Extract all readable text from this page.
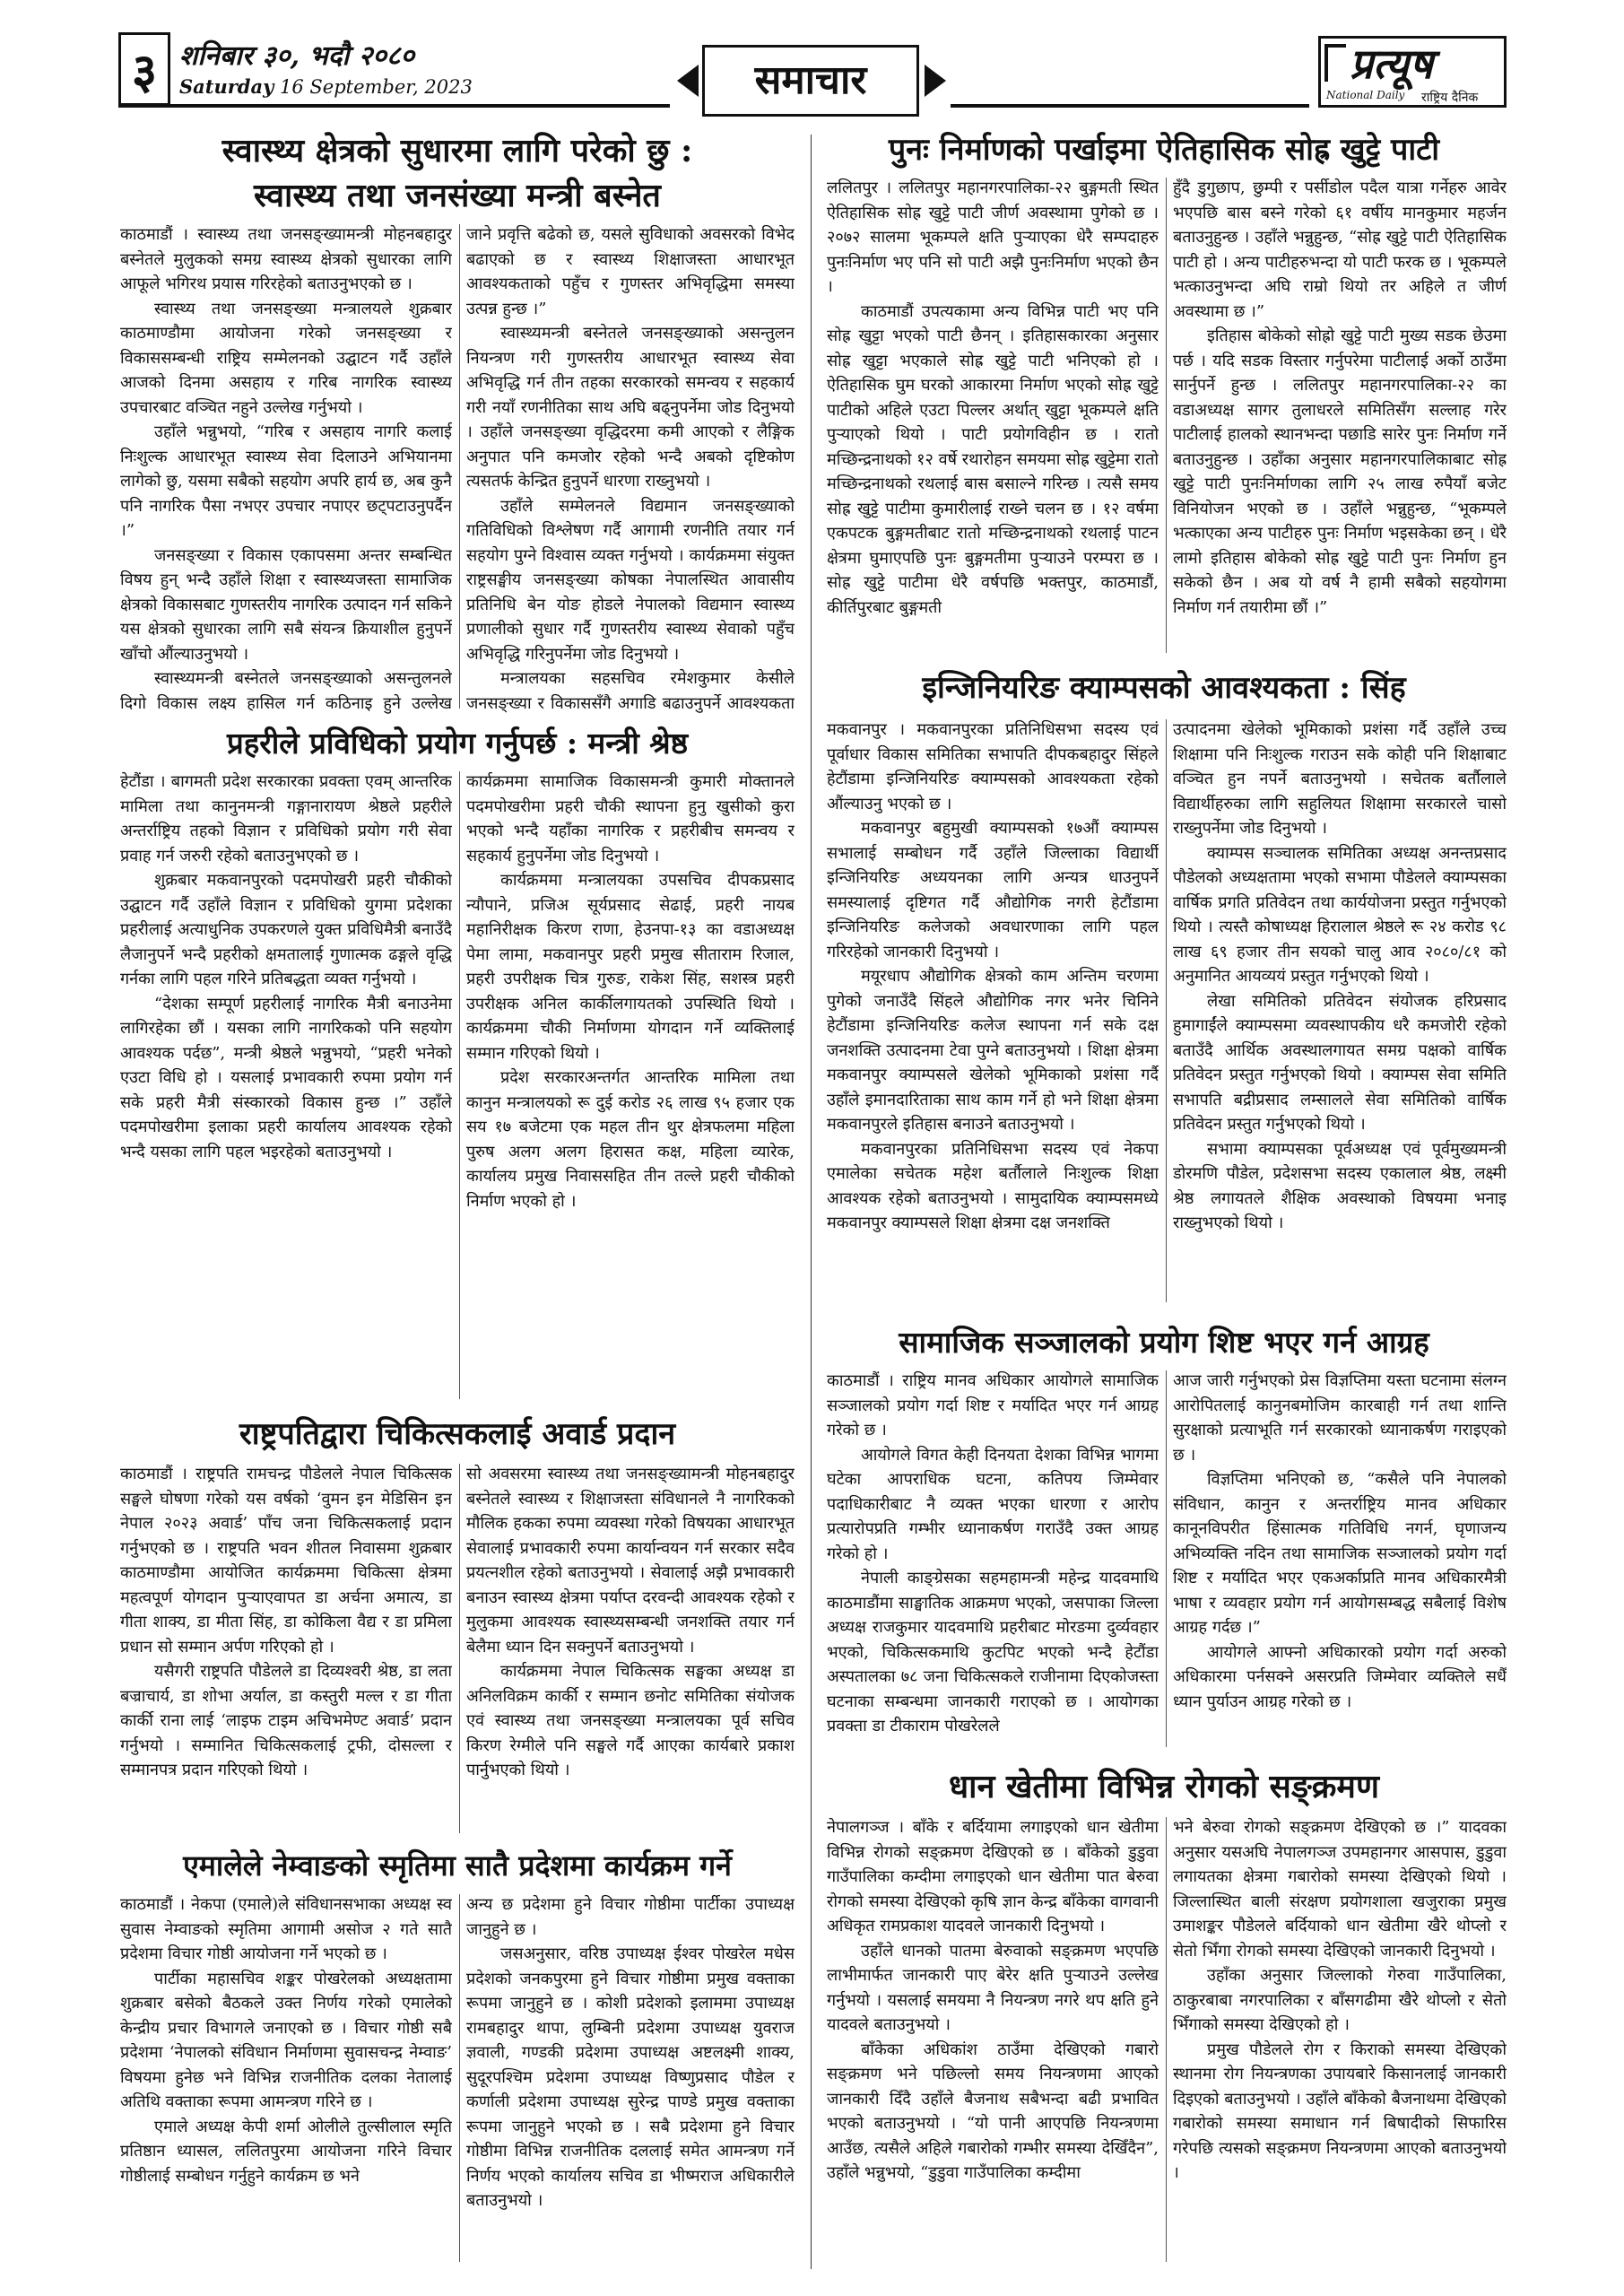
३ शनिबार ३०, भदौ २०८०
Saturday 16 September, 2023	समाचार	प्रत्यूष
National Daily राष्ट्रिय दैनिक
स्वास्थ्य क्षेत्रको सुधारमा लागि परेको छु :
स्वास्थ्य तथा जनसंख्या मन्त्री बस्नेत

काठमाडौं । स्वास्थ्य तथा जनसङ्ख्यामन्त्री मोहनबहादुर बस्नेतले मुलुकको समग्र स्वास्थ्य क्षेत्रको सुधारका लागि आफूले भगिरथ प्रयास गरिरहेको बताउनुभएको छ ।

स्वास्थ्य तथा जनसङ्ख्या मन्त्रालयले शुक्रबार काठमाण्डौमा आयोजना गरेको जनसङ्ख्या र विकाससम्बन्धी राष्ट्रिय सम्मेलनको उद्घाटन गर्दै उहाँले आजको दिनमा असहाय र गरिब नागरिक स्वास्थ्य उपचारबाट वञ्चित नहुने उल्लेख गर्नुभयो ।

उहाँले भन्नुभयो, “गरिब र असहाय नागरि कलाई निःशुल्क आधारभूत स्वास्थ्य सेवा दिलाउने अभियानमा लागेको छु, यसमा सबैको सहयोग अपरि हार्य छ, अब कुनै पनि नागरिक पैसा नभएर उपचार नपाएर छट्पटाउनुपर्दैन ।”

जनसङ्ख्या र विकास एकापसमा अन्तर सम्बन्धित विषय हुन् भन्दै उहाँले शिक्षा र स्वास्थ्यजस्ता सामाजिक क्षेत्रको विकासबाट गुणस्तरीय नागरिक उत्पादन गर्न सकिने यस क्षेत्रको सुधारका लागि सबै संयन्त्र क्रियाशील हुनुपर्ने खाँचो औंल्याउनुभयो ।

स्वास्थ्यमन्त्री बस्नेतले जनसङ्ख्याको असन्तुलनले दिगो विकास लक्ष्य हासिल गर्न कठिनाइ हुने उल्लेख

जाने प्रवृत्ति बढेको छ, यसले सुविधाको अवसरको विभेद बढाएको छ र स्वास्थ्य शिक्षाजस्ता आधारभूत आवश्यकताको पहुँच र गुणस्तर अभिवृद्धिमा समस्या उत्पन्न हुन्छ ।”

स्वास्थ्यमन्त्री बस्नेतले जनसङ्ख्याको असन्तुलन नियन्त्रण गरी गुणस्तरीय आधारभूत स्वास्थ्य सेवा अभिवृद्धि गर्न तीन तहका सरकारको समन्वय र सहकार्य गरी नयाँ रणनीतिका साथ अघि बढ्नुपर्नेमा जोड दिनुभयो । उहाँले जनसङ्ख्या वृद्धिदरमा कमी आएको र लैङ्गिक अनुपात पनि कमजोर रहेको भन्दै अबको दृष्टिकोण त्यसतर्फ केन्द्रित हुनुपर्ने धारणा राख्नुभयो ।

उहाँले सम्मेलनले विद्यमान जनसङ्ख्याको गतिविधिको विश्लेषण गर्दै आगामी रणनीति तयार गर्न सहयोग पुग्ने विश्वास व्यक्त गर्नुभयो । कार्यक्रममा संयुक्त राष्ट्रसङ्घीय जनसङ्ख्या कोषका नेपालस्थित आवासीय प्रतिनिधि बेन योङ होडले नेपालको विद्यमान स्वास्थ्य प्रणालीको सुधार गर्दै गुणस्तरीय स्वास्थ्य सेवाको पहुँच अभिवृद्धि गरिनुपर्नेमा जोड दिनुभयो ।

मन्त्रालयका सहसचिव रमेशकुमार केसीले जनसङ्ख्या र विकाससँगै अगाडि बढाउनुपर्ने आवश्यकता

प्रहरीले प्रविधिको प्रयोग गर्नुपर्छ : मन्त्री श्रेष्ठ

हेटौंडा । बागमती प्रदेश सरकारका प्रवक्ता एवम् आन्तरिक मामिला तथा कानुनमन्त्री गङ्गानारायण श्रेष्ठले प्रहरीले अन्तर्राष्ट्रिय तहको विज्ञान र प्रविधिको प्रयोग गरी सेवा प्रवाह गर्न जरुरी रहेको बताउनुभएको छ ।

शुक्रबार मकवानपुरको पदमपोखरी प्रहरी चौकीको उद्घाटन गर्दै उहाँले विज्ञान र प्रविधिको युगमा प्रदेशका प्रहरीलाई अत्याधुनिक उपकरणले युक्त प्रविधिमैत्री बनाउँदै लैजानुपर्ने भन्दै प्रहरीको क्षमतालाई गुणात्मक ढङ्गले वृद्धि गर्नका लागि पहल गरिने प्रतिबद्धता व्यक्त गर्नुभयो ।

“देशका सम्पूर्ण प्रहरीलाई नागरिक मैत्री बनाउनेमा लागिरहेका छौं । यसका लागि नागरिकको पनि सहयोग आवश्यक पर्दछ”, मन्त्री श्रेष्ठले भन्नुभयो, “प्रहरी भनेको एउटा विधि हो । यसलाई प्रभावकारी रुपमा प्रयोग गर्न सके प्रहरी मैत्री संस्कारको विकास हुन्छ ।” उहाँले पदमपोखरीमा इलाका प्रहरी कार्यालय आवश्यक रहेको भन्दै यसका लागि पहल भइरहेको बताउनुभयो ।

कार्यक्रममा सामाजिक विकासमन्त्री कुमारी मोक्तानले पदमपोखरीमा प्रहरी चौकी स्थापना हुनु खुसीको कुरा भएको भन्दै यहाँका नागरिक र प्रहरीबीच समन्वय र सहकार्य हुनुपर्नेमा जोड दिनुभयो ।

कार्यक्रममा मन्त्रालयका उपसचिव दीपकप्रसाद न्यौपाने, प्रजिअ सूर्यप्रसाद सेढाई, प्रहरी नायब महानिरीक्षक किरण राणा, हेउनपा-१३ का वडाअध्यक्ष पेमा लामा, मकवानपुर प्रहरी प्रमुख सीताराम रिजाल, प्रहरी उपरीक्षक चित्र गुरुङ, राकेश सिंह, सशस्त्र प्रहरी उपरीक्षक अनिल कार्कीलगायतको उपस्थिति थियो । कार्यक्रममा चौकी निर्माणमा योगदान गर्ने व्यक्तिलाई सम्मान गरिएको थियो ।

प्रदेश सरकारअन्तर्गत आन्तरिक मामिला तथा कानुन मन्त्रालयको रू दुई करोड २६ लाख ९५ हजार एक सय १७ बजेटमा एक महल तीन थुर क्षेत्रफलमा महिला पुरुष अलग अलग हिरासत कक्ष, महिला व्यारेक, कार्यालय प्रमुख निवाससहित तीन तल्ले प्रहरी चौकीको निर्माण भएको हो ।

राष्ट्रपतिद्वारा चिकित्सकलाई अवार्ड प्रदान

काठमाडौं । राष्ट्रपति रामचन्द्र पौडेलले नेपाल चिकित्सक सङ्घले घोषणा गरेको यस वर्षको ‘वुमन इन मेडिसिन इन नेपाल २०२३ अवार्ड’ पाँच जना चिकित्सकलाई प्रदान गर्नुभएको छ । राष्ट्रपति भवन शीतल निवासमा शुक्रबार काठमाण्डौमा आयोजित कार्यक्रममा चिकित्सा क्षेत्रमा महत्वपूर्ण योगदान पुऱ्याएवापत डा अर्चना अमात्य, डा गीता शाक्य, डा मीता सिंह, डा कोकिला वैद्य र डा प्रमिला प्रधान सो सम्मान अर्पण गरिएको हो ।

यसैगरी राष्ट्रपति पौडेलले डा दिव्यश्वरी श्रेष्ठ, डा लता बज्राचार्य, डा शोभा अर्याल, डा कस्तुरी मल्ल र डा गीता कार्की राना लाई ‘लाइफ टाइम अचिभमेण्ट अवार्ड’ प्रदान गर्नुभयो । सम्मानित चिकित्सकलाई ट्रफी, दोसल्ला र सम्मानपत्र प्रदान गरिएको थियो ।

सो अवसरमा स्वास्थ्य तथा जनसङ्ख्यामन्त्री मोहनबहादुर बस्नेतले स्वास्थ्य र शिक्षाजस्ता संविधानले नै नागरिकको मौलिक हकका रुपमा व्यवस्था गरेको विषयका आधारभूत सेवालाई प्रभावकारी रुपमा कार्यान्वयन गर्न सरकार सदैव प्रयत्नशील रहेको बताउनुभयो । सेवालाई अझै प्रभावकारी बनाउन स्वास्थ्य क्षेत्रमा पर्याप्त दरवन्दी आवश्यक रहेको र मुलुकमा आवश्यक स्वास्थ्यसम्बन्धी जनशक्ति तयार गर्न बेलैमा ध्यान दिन सक्नुपर्ने बताउनुभयो ।

कार्यक्रममा नेपाल चिकित्सक सङ्घका अध्यक्ष डा अनिलविक्रम कार्की र सम्मान छनोट समितिका संयोजक एवं स्वास्थ्य तथा जनसङ्ख्या मन्त्रालयका पूर्व सचिव किरण रेग्मीले पनि सङ्घले गर्दै आएका कार्यबारे प्रकाश पार्नुभएको थियो ।

एमालेले नेम्वाङको स्मृतिमा सातै प्रदेशमा कार्यक्रम गर्ने

काठमाडौं । नेकपा (एमाले)ले संविधानसभाका अध्यक्ष स्व सुवास नेम्वाङको स्मृतिमा आगामी असोज २ गते सातै प्रदेशमा विचार गोष्ठी आयोजना गर्ने भएको छ ।

पार्टीका महासचिव शङ्कर पोखरेलको अध्यक्षतामा शुक्रबार बसेको बैठकले उक्त निर्णय गरेको एमालेको केन्द्रीय प्रचार विभागले जनाएको छ । विचार गोष्ठी सबै प्रदेशमा ‘नेपालको संविधान निर्माणमा सुवासचन्द्र नेम्वाङ’ विषयमा हुनेछ भने विभिन्न राजनीतिक दलका नेतालाई अतिथि वक्ताका रूपमा आमन्त्रण गरिने छ ।

एमाले अध्यक्ष केपी शर्मा ओलीले तुल्सीलाल स्मृति प्रतिष्ठान ध्यासल, ललितपुरमा आयोजना गरिने विचार गोष्ठीलाई सम्बोधन गर्नुहुने कार्यक्रम छ भने

अन्य छ प्रदेशमा हुने विचार गोष्ठीमा पार्टीका उपाध्यक्ष जानुहुने छ ।

जसअनुसार, वरिष्ठ उपाध्यक्ष ईश्वर पोखरेल मधेस प्रदेशको जनकपुरमा हुने विचार गोष्ठीमा प्रमुख वक्ताका रूपमा जानुहुने छ । कोशी प्रदेशको इलाममा उपाध्यक्ष रामबहादुर थापा, लुम्बिनी प्रदेशमा उपाध्यक्ष युवराज ज्ञवाली, गण्डकी प्रदेशमा उपाध्यक्ष अष्टलक्ष्मी शाक्य, सुदूरपश्चिम प्रदेशमा उपाध्यक्ष विष्णुप्रसाद पौडेल र कर्णाली प्रदेशमा उपाध्यक्ष सुरेन्द्र पाण्डे प्रमुख वक्ताका रूपमा जानुहुने भएको छ । सबै प्रदेशमा हुने विचार गोष्ठीमा विभिन्न राजनीतिक दललाई समेत आमन्त्रण गर्ने निर्णय भएको कार्यालय सचिव डा भीष्मराज अधिकारीले बताउनुभयो ।

पुनः निर्माणको पर्खाइमा ऐतिहासिक सोह्र खुट्टे पाटी

ललितपुर । ललितपुर महानगरपालिका-२२ बुङ्गमती स्थित ऐतिहासिक सोह्र खुट्टे पाटी जीर्ण अवस्थामा पुगेको छ । २०७२ सालमा भूकम्पले क्षति पुऱ्याएका धेरै सम्पदाहरु पुनःनिर्माण भए पनि सो पाटी अझै पुनःनिर्माण भएको छैन ।

काठमाडौं उपत्यकामा अन्य विभिन्न पाटी भए पनि सोह्र खुट्टा भएको पाटी छैनन् । इतिहासकारका अनुसार सोह्र खुट्टा भएकाले सोह्र खुट्टे पाटी भनिएको हो । ऐतिहासिक घुम घरको आकारमा निर्माण भएको सोह्र खुट्टे पाटीको अहिले एउटा पिल्लर अर्थात् खुट्टा भूकम्पले क्षति पुऱ्याएको थियो । पाटी प्रयोगविहीन छ । रातो मच्छिन्द्रनाथको १२ वर्षे रथारोहन समयमा सोह्र खुट्टेमा रातो मच्छिन्द्रनाथको रथलाई बास बसाल्ने गरिन्छ । त्यसै समय सोह्र खुट्टे पाटीमा कुमारीलाई राख्ने चलन छ । १२ वर्षमा एकपटक बुङ्गमतीबाट रातो मच्छिन्द्रनाथको रथलाई पाटन क्षेत्रमा घुमाएपछि पुनः बुङ्गमतीमा पुऱ्याउने परम्परा छ । सोह्र खुट्टे पाटीमा धेरै वर्षपछि भक्तपुर, काठमाडौं, कीर्तिपुरबाट बुङ्गमती

हुँदै डुगुछाप, छुम्पी र पर्सीडोल पदैल यात्रा गर्नेहरु आवेर भएपछि बास बस्ने गरेको ६१ वर्षीय मानकुमार महर्जन बताउनुहुन्छ । उहाँले भन्नुहुन्छ, “सोह्र खुट्टे पाटी ऐतिहासिक पाटी हो । अन्य पाटीहरुभन्दा यो पाटी फरक छ । भूकम्पले भत्काउनुभन्दा अघि राम्रो थियो तर अहिले त जीर्ण अवस्थामा छ ।”

इतिहास बोकेको सोह्रो खुट्टे पाटी मुख्य सडक छेउमा पर्छ । यदि सडक विस्तार गर्नुपरेमा पाटीलाई अर्को ठाउँमा सार्नुपर्ने हुन्छ । ललितपुर महानगरपालिका-२२ का वडाअध्यक्ष सागर तुलाधरले समितिसँग सल्लाह गरेर पाटीलाई हालको स्थानभन्दा पछाडि सारेर पुनः निर्माण गर्ने बताउनुहुन्छ । उहाँका अनुसार महानगरपालिकाबाट सोह्र खुट्टे पाटी पुनःनिर्माणका लागि २५ लाख रुपैयाँ बजेट विनियोजन भएको छ । उहाँले भन्नुहुन्छ, “भूकम्पले भत्काएका अन्य पाटीहरु पुनः निर्माण भइसकेका छन् । धेरै लामो इतिहास बोकेको सोह्र खुट्टे पाटी पुनः निर्माण हुन सकेको छैन । अब यो वर्ष नै हामी सबैको सहयोगमा निर्माण गर्न तयारीमा छौं ।”

इन्जिनियरिङ क्याम्पसको आवश्यकता : सिंह

मकवानपुर । मकवानपुरका प्रतिनिधिसभा सदस्य एवं पूर्वाधार विकास समितिका सभापति दीपकबहादुर सिंहले हेटौंडामा इन्जिनियरिङ क्याम्पसको आवश्यकता रहेको औंल्याउनु भएको छ ।

मकवानपुर बहुमुखी क्याम्पसको १७औं क्याम्पस सभालाई सम्बोधन गर्दै उहाँले जिल्लाका विद्यार्थी इन्जिनियरिङ अध्ययनका लागि अन्यत्र धाउनुपर्ने समस्यालाई दृष्टिगत गर्दै औद्योगिक नगरी हेटौंडामा इन्जिनियरिङ कलेजको अवधारणाका लागि पहल गरिरहेको जानकारी दिनुभयो ।

मयूरधाप औद्योगिक क्षेत्रको काम अन्तिम चरणमा पुगेको जनाउँदै सिंहले औद्योगिक नगर भनेर चिनिने हेटौंडामा इन्जिनियरिङ कलेज स्थापना गर्न सके दक्ष जनशक्ति उत्पादनमा टेवा पुग्ने बताउनुभयो । शिक्षा क्षेत्रमा मकवानपुर क्याम्पसले खेलेको भूमिकाको प्रशंसा गर्दै उहाँले इमानदारिताका साथ काम गर्ने हो भने शिक्षा क्षेत्रमा मकवानपुरले इतिहास बनाउने बताउनुभयो ।

मकवानपुरका प्रतिनिधिसभा सदस्य एवं नेकपा एमालेका सचेतक महेश बर्तौलाले निःशुल्क शिक्षा आवश्यक रहेको बताउनुभयो । सामुदायिक क्याम्पसमध्ये मकवानपुर क्याम्पसले शिक्षा क्षेत्रमा दक्ष जनशक्ति

उत्पादनमा खेलेको भूमिकाको प्रशंसा गर्दै उहाँले उच्च शिक्षामा पनि निःशुल्क गराउन सके कोही पनि शिक्षाबाट वञ्चित हुन नपर्ने बताउनुभयो । सचेतक बर्तौलाले विद्यार्थीहरुका लागि सहुलियत शिक्षामा सरकारले चासो राख्नुपर्नेमा जोड दिनुभयो ।

क्याम्पस सञ्चालक समितिका अध्यक्ष अनन्तप्रसाद पौडेलको अध्यक्षतामा भएको सभामा पौडेलले क्याम्पसका वार्षिक प्रगति प्रतिवेदन तथा कार्ययोजना प्रस्तुत गर्नुभएको थियो । त्यस्तै कोषाध्यक्ष हिरालाल श्रेष्ठले रू २४ करोड ९८ लाख ६९ हजार तीन सयको चालु आव २०८०/८१ को अनुमानित आयव्ययं प्रस्तुत गर्नुभएको थियो ।

लेखा समितिको प्रतिवेदन संयोजक हरिप्रसाद हुमागाईंले क्याम्पसमा व्यवस्थापकीय धरै कमजोरी रहेको बताउँदै आर्थिक अवस्थालगायत समग्र पक्षको वार्षिक प्रतिवेदन प्रस्तुत गर्नुभएको थियो । क्याम्पस सेवा समिति सभापति बद्रीप्रसाद लम्सालले सेवा समितिको वार्षिक प्रतिवेदन प्रस्तुत गर्नुभएको थियो ।

सभामा क्याम्पसका पूर्वअध्यक्ष एवं पूर्वमुख्यमन्त्री डोरमणि पौडेल, प्रदेशसभा सदस्य एकालाल श्रेष्ठ, लक्ष्मी श्रेष्ठ लगायतले शैक्षिक अवस्थाको विषयमा भनाइ राख्नुभएको थियो ।

सामाजिक सञ्जालको प्रयोग शिष्ट भएर गर्न आग्रह

काठमाडौं । राष्ट्रिय मानव अधिकार आयोगले सामाजिक सञ्जालको प्रयोग गर्दा शिष्ट र मर्यादित भएर गर्न आग्रह गरेको छ ।

आयोगले विगत केही दिनयता देशका विभिन्न भागमा घटेका आपराधिक घटना, कतिपय जिम्मेवार पदाधिकारीबाट नै व्यक्त भएका धारणा र आरोप प्रत्यारोपप्रति गम्भीर ध्यानाकर्षण गराउँदै उक्त आग्रह गरेको हो ।

नेपाली काङ्ग्रेसका सहमहामन्त्री महेन्द्र यादवमाथि काठमाडौंमा साङ्घातिक आक्रमण भएको, जसपाका जिल्ला अध्यक्ष राजकुमार यादवमाथि प्रहरीबाट मोरङमा दुर्व्यवहार भएको, चिकित्सकमाथि कुटपिट भएको भन्दै हेटौंडा अस्पतालका ७८ जना चिकित्सकले राजीनामा दिएकोजस्ता घटनाका सम्बन्धमा जानकारी गराएको छ । आयोगका प्रवक्ता डा टीकाराम पोखरेलले

आज जारी गर्नुभएको प्रेस विज्ञप्तिमा यस्ता घटनामा संलग्न आरोपितलाई कानुनबमोजिम कारबाही गर्न तथा शान्ति सुरक्षाको प्रत्याभूति गर्न सरकारको ध्यानाकर्षण गराइएको छ ।

विज्ञप्तिमा भनिएको छ, “कसैले पनि नेपालको संविधान, कानुन र अन्तर्राष्ट्रिय मानव अधिकार कानूनविपरीत हिंसात्मक गतिविधि नगर्न, घृणाजन्य अभिव्यक्ति नदिन तथा सामाजिक सञ्जालको प्रयोग गर्दा शिष्ट र मर्यादित भएर एकअर्काप्रति मानव अधिकारमैत्री भाषा र व्यवहार प्रयोग गर्न आयोगसम्बद्ध सबैलाई विशेष आग्रह गर्दछ ।”

आयोगले आफ्नो अधिकारको प्रयोग गर्दा अरुको अधिकारमा पर्नसक्ने असरप्रति जिम्मेवार व्यक्तिले सधैँ ध्यान पुर्याउन आग्रह गरेको छ ।

धान खेतीमा विभिन्न रोगको सङ्क्रमण

नेपालगञ्ज । बाँके र बर्दियामा लगाइएको धान खेतीमा विभिन्न रोगको सङ्क्रमण देखिएको छ । बाँकेको डुडुवा गाउँपालिका कम्दीमा लगाइएको धान खेतीमा पात बेरुवा रोगको समस्या देखिएको कृषि ज्ञान केन्द्र बाँकेका वागवानी अधिकृत रामप्रकाश यादवले जानकारी दिनुभयो ।

उहाँले धानको पातमा बेरुवाको सङ्क्रमण भएपछि लाभीमार्फत जानकारी पाए बेरेर क्षति पुऱ्याउने उल्लेख गर्नुभयो । यसलाई समयमा नै नियन्त्रण नगरे थप क्षति हुने यादवले बताउनुभयो ।

बाँकेका अधिकांश ठाउँमा देखिएको गबारो सङ्क्रमण भने पछिल्लो समय नियन्त्रणमा आएको जानकारी दिँदै उहाँले बैजनाथ सबैभन्दा बढी प्रभावित भएको बताउनुभयो । “यो पानी आएपछि नियन्त्रणमा आउँछ, त्यसैले अहिले गबारोको गम्भीर समस्या देखिँदैन”, उहाँले भन्नुभयो, “डुडुवा गाउँपालिका कम्दीमा

भने बेरुवा रोगको सङ्क्रमण देखिएको छ ।” यादवका अनुसार यसअघि नेपालगञ्ज उपमहानगर आसपास, डुडुवा लगायतका क्षेत्रमा गबारोको समस्या देखिएको थियो । जिल्लास्थित बाली संरक्षण प्रयोगशाला खजुराका प्रमुख उमाशङ्कर पौडेलले बर्दियाको धान खेतीमा खैरे थोप्लो र सेतो भिँगा रोगको समस्या देखिएको जानकारी दिनुभयो ।

उहाँका अनुसार जिल्लाको गेरुवा गाउँपालिका, ठाकुरबाबा नगरपालिका र बाँसगढीमा खैरे थोप्लो र सेतो भिँगाको समस्या देखिएको हो ।

प्रमुख पौडेलले रोग र किराको समस्या देखिएको स्थानमा रोग नियन्त्रणका उपायबारे किसानलाई जानकारी दिइएको बताउनुभयो । उहाँले बाँकेको बैजनाथमा देखिएको गबारोको समस्या समाधान गर्न बिषादीको सिफारिस गरेपछि त्यसको सङ्क्रमण नियन्त्रणमा आएको बताउनुभयो ।
